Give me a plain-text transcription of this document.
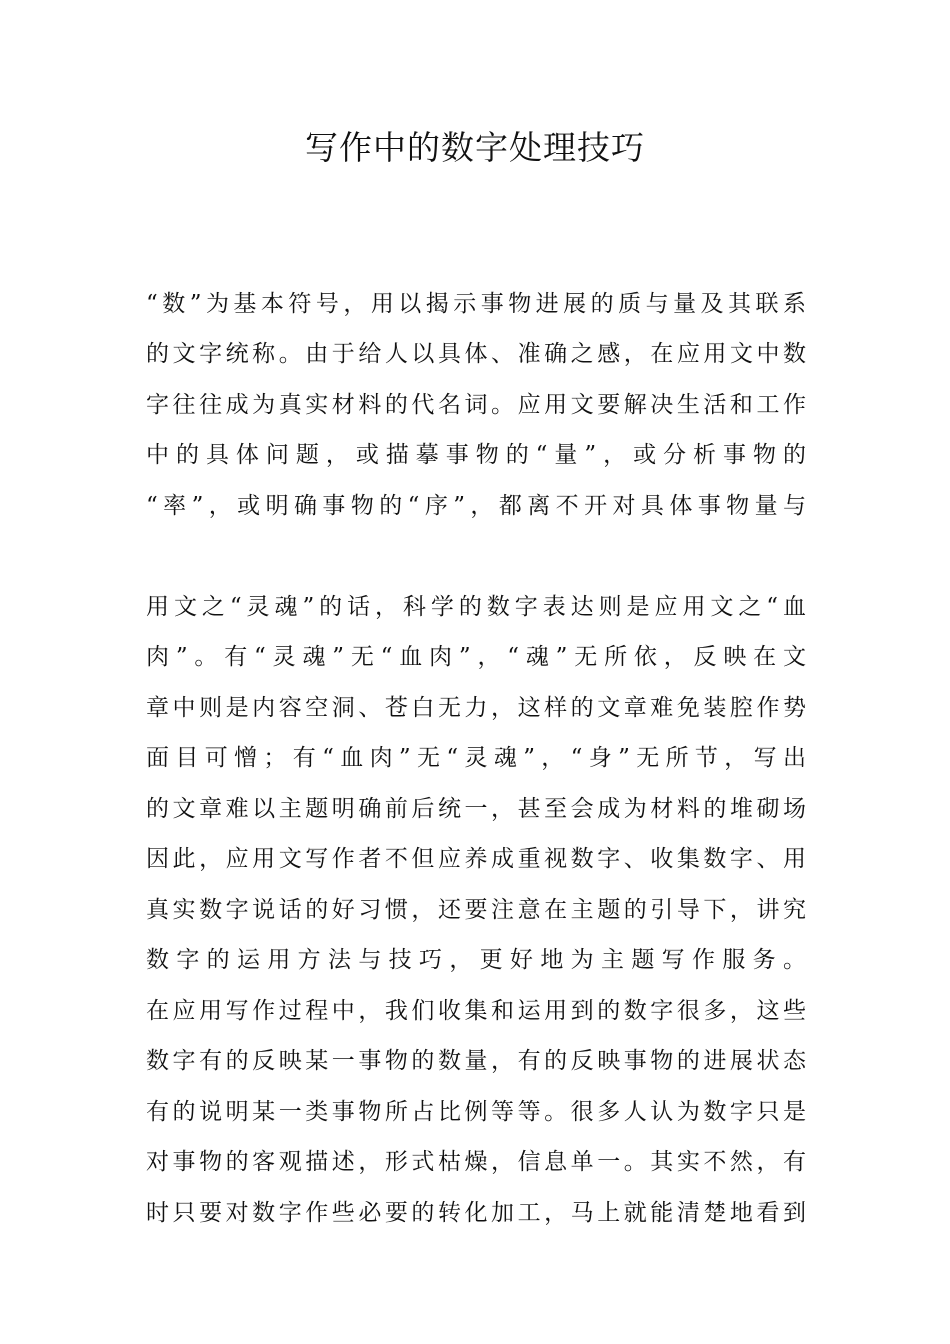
写作中的数字处理技巧

“数”为基本符号，用以揭示事物进展的质与量及其联系
的文字统称。由于给人以具体、准确之感，在应用文中数
字往往成为真实材料的代名词。应用文要解决生活和工作
中的具体问题，或描摹事物的“量”，或分析事物的
“率”，或明确事物的“序”，都离不开对具体事物量与

用文之“灵魂”的话，科学的数字表达则是应用文之“血
肉”。有“灵魂”无“血肉”，“魂”无所依，反映在文
章中则是内容空洞、苍白无力，这样的文章难免装腔作势
面目可憎；有“血肉”无“灵魂”，“身”无所节，写出
的文章难以主题明确前后统一，甚至会成为材料的堆砌场
因此，应用文写作者不但应养成重视数字、收集数字、用
真实数字说话的好习惯，还要注意在主题的引导下，讲究
数字的运用方法与技巧，更好地为主题写作服务。
在应用写作过程中，我们收集和运用到的数字很多，这些
数字有的反映某一事物的数量，有的反映事物的进展状态
有的说明某一类事物所占比例等等。很多人认为数字只是
对事物的客观描述，形式枯燥，信息单一。其实不然，有
时只要对数字作些必要的转化加工，马上就能清楚地看到
